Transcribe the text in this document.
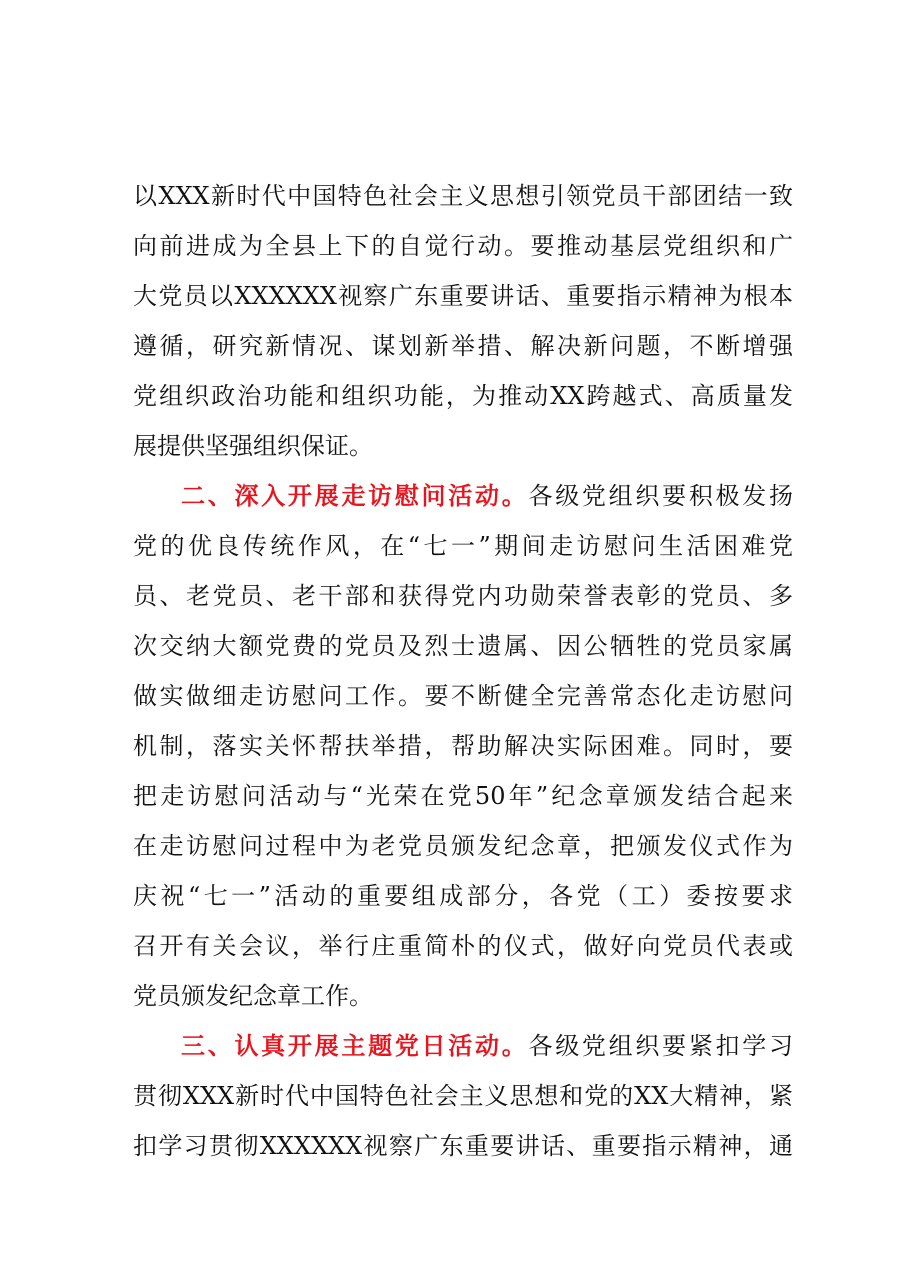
以XXX新时代中国特色社会主义思想引领党员干部团结一致
向前进成为全县上下的自觉行动。要推动基层党组织和广
大党员以XXXXXX视察广东重要讲话、重要指示精神为根本
遵循，研究新情况、谋划新举措、解决新问题，不断增强
党组织政治功能和组织功能，为推动XX跨越式、高质量发
展提供坚强组织保证。
二、深入开展走访慰问活动。各级党组织要积极发扬
党的优良传统作风，在“七一”期间走访慰问生活困难党
员、老党员、老干部和获得党内功勋荣誉表彰的党员、多
次交纳大额党费的党员及烈士遗属、因公牺牲的党员家属
做实做细走访慰问工作。要不断健全完善常态化走访慰问
机制，落实关怀帮扶举措，帮助解决实际困难。同时，要
把走访慰问活动与“光荣在党50年”纪念章颁发结合起来
在走访慰问过程中为老党员颁发纪念章，把颁发仪式作为
庆祝“七一”活动的重要组成部分，各党（工）委按要求
召开有关会议，举行庄重简朴的仪式，做好向党员代表或
党员颁发纪念章工作。
三、认真开展主题党日活动。各级党组织要紧扣学习
贯彻XXX新时代中国特色社会主义思想和党的XX大精神，紧
扣学习贯彻XXXXXX视察广东重要讲话、重要指示精神，通
